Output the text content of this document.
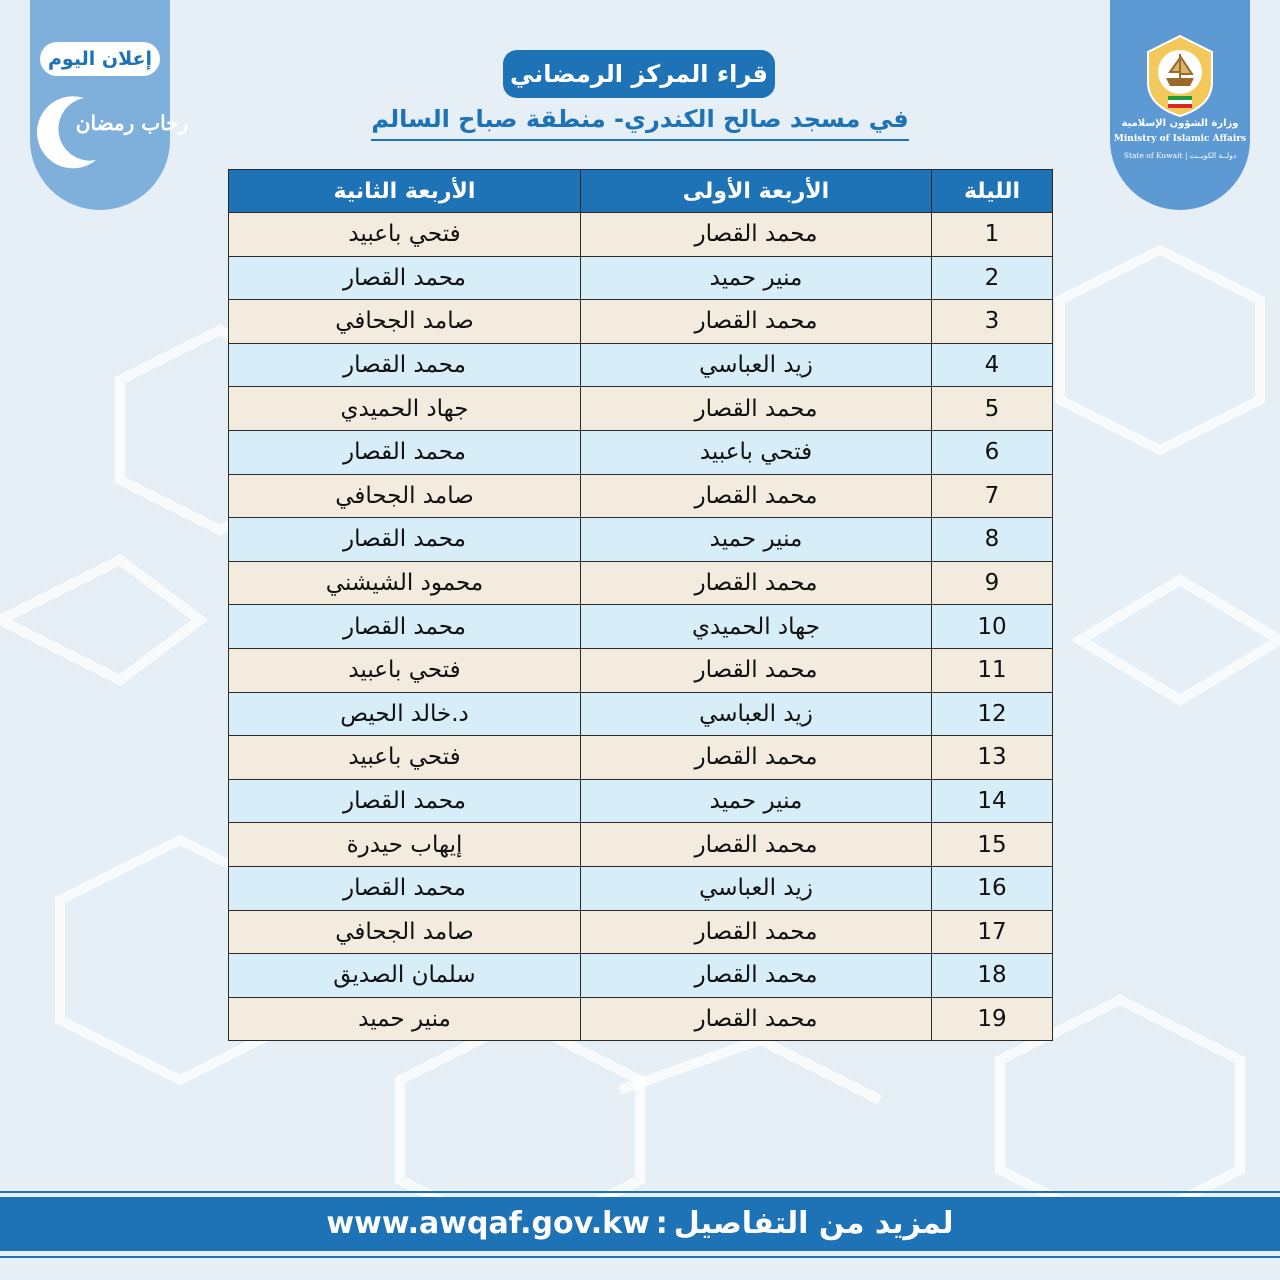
إعلان اليوم
رحاب رمضان	وزارة الشؤون الإسلامية
Ministry of Islamic Affairs
State of Kuwait | دولــة الكويــت
قراء المركز الرمضاني
في مسجد صالح الكندري- منطقة صباح السالم
الليلة	الأربعة الأولى	الأربعة الثانية
1	محمد القصار	فتحي باعبيد
2	منير حميد	محمد القصار
3	محمد القصار	صامد الجحافي
4	زيد العباسي	محمد القصار
5	محمد القصار	جهاد الحميدي
6	فتحي باعبيد	محمد القصار
7	محمد القصار	صامد الجحافي
8	منير حميد	محمد القصار
9	محمد القصار	محمود الشيشني
10	جهاد الحميدي	محمد القصار
11	محمد القصار	فتحي باعبيد
12	زيد العباسي	د.خالد الحيص
13	محمد القصار	فتحي باعبيد
14	منير حميد	محمد القصار
15	محمد القصار	إيهاب حيدرة
16	زيد العباسي	محمد القصار
17	محمد القصار	صامد الجحافي
18	محمد القصار	سلمان الصديق
19	محمد القصار	منير حميد
www.awqaf.gov.kw : لمزيد من التفاصيل
